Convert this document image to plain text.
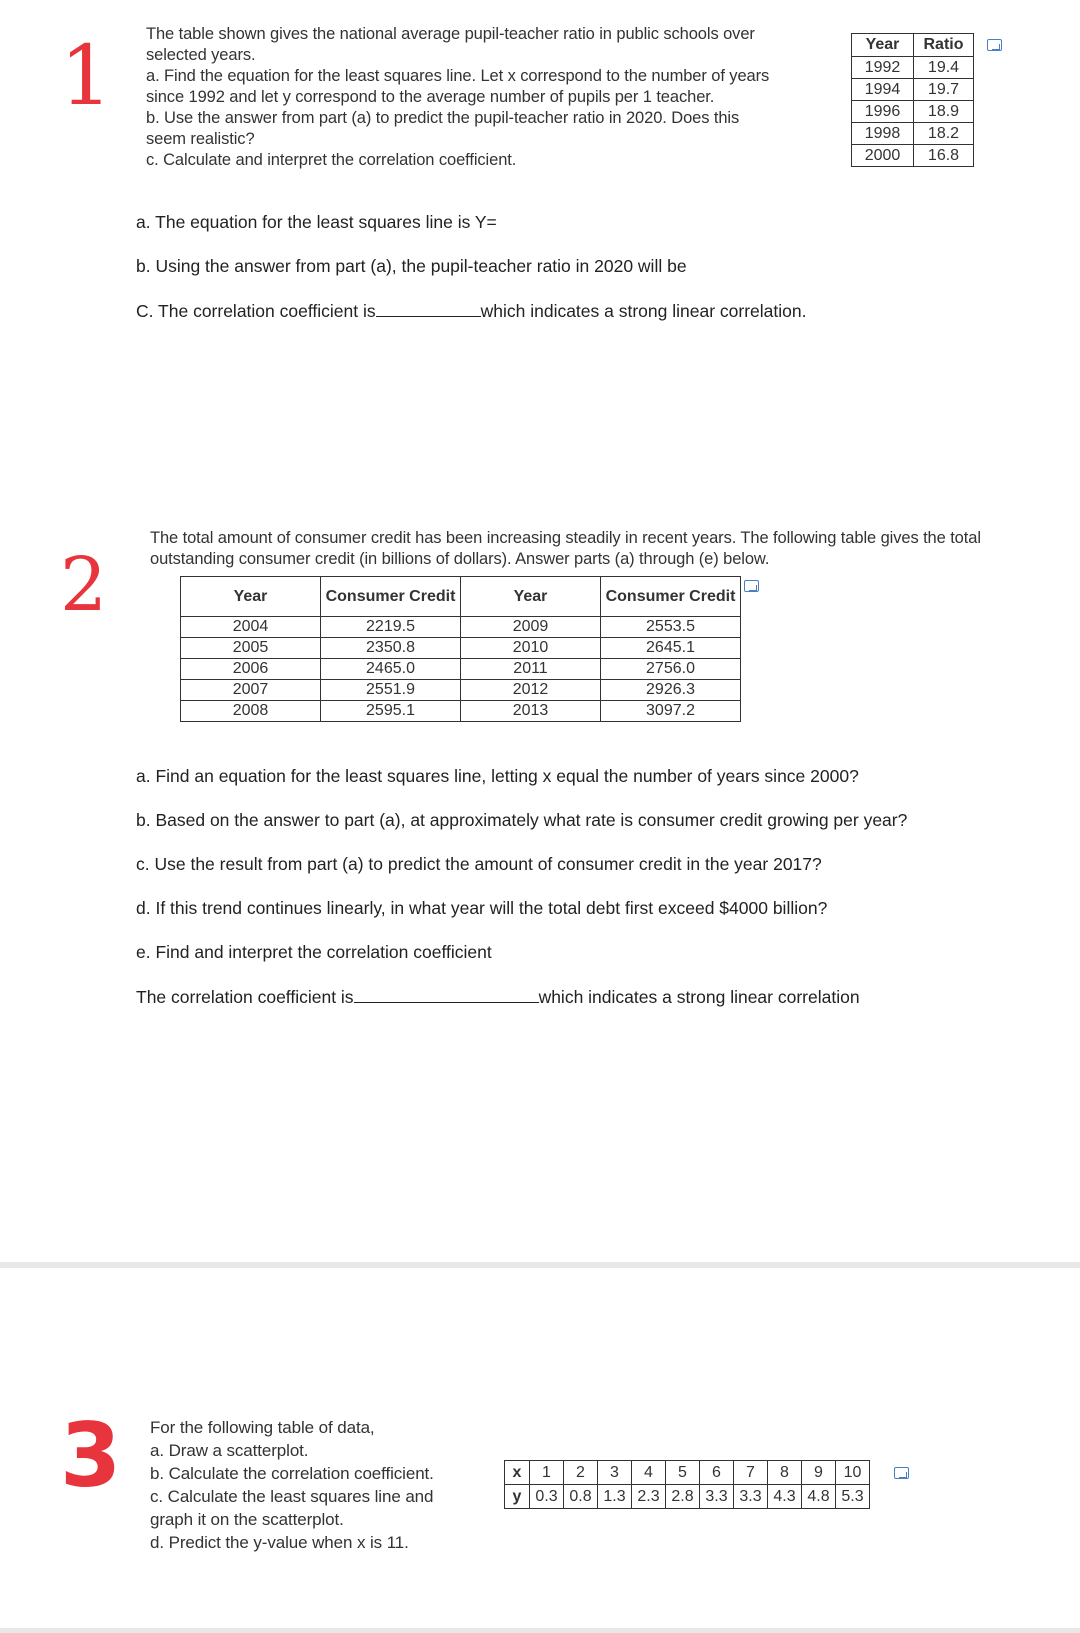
1 The table shown gives the national average pupil-teacher ratio in public schools over
selected years.
a. Find the equation for the least squares line. Let x correspond to the number of years
since 1992 and let y correspond to the average number of pupils per 1 teacher.
b. Use the answer from part (a) to predict the pupil-teacher ratio in 2020. Does this
seem realistic?
c. Calculate and interpret the correlation coefficient.
Year	Ratio
1992	19.4
1994	19.7
1996	18.9
1998	18.2
2000	16.8
a. The equation for the least squares line is Y=
b. Using the answer from part (a), the pupil-teacher ratio in 2020 will be
C. The correlation coefficient is	which indicates a strong linear correlation.
2
The total amount of consumer credit has been increasing steadily in recent years. The following table gives the total
outstanding consumer credit (in billions of dollars). Answer parts (a) through (e) below.
Year	Consumer Credit	Year	Consumer Credit
2004	2219.5	2009	2553.5
2005	2350.8	2010	2645.1
2006	2465.0	2011	2756.0
2007	2551.9	2012	2926.3
2008	2595.1	2013	3097.2
a. Find an equation for the least squares line, letting x equal the number of years since 2000?
b. Based on the answer to part (a), at approximately what rate is consumer credit growing per year?
c. Use the result from part (a) to predict the amount of consumer credit in the year 2017?
d. If this trend continues linearly, in what year will the total debt first exceed $4000 billion?
e. Find and interpret the correlation coefficient
The correlation coefficient is	which indicates a strong linear correlation
3 For the following table of data,
a. Draw a scatterplot.
b. Calculate the correlation coefficient.
c. Calculate the least squares line and
graph it on the scatterplot.
d. Predict the y-value when x is 11.
x	1	2	3	4	5	6	7	8	9	10
y	0.3	0.8	1.3	2.3	2.8	3.3	3.3	4.3	4.8	5.3
